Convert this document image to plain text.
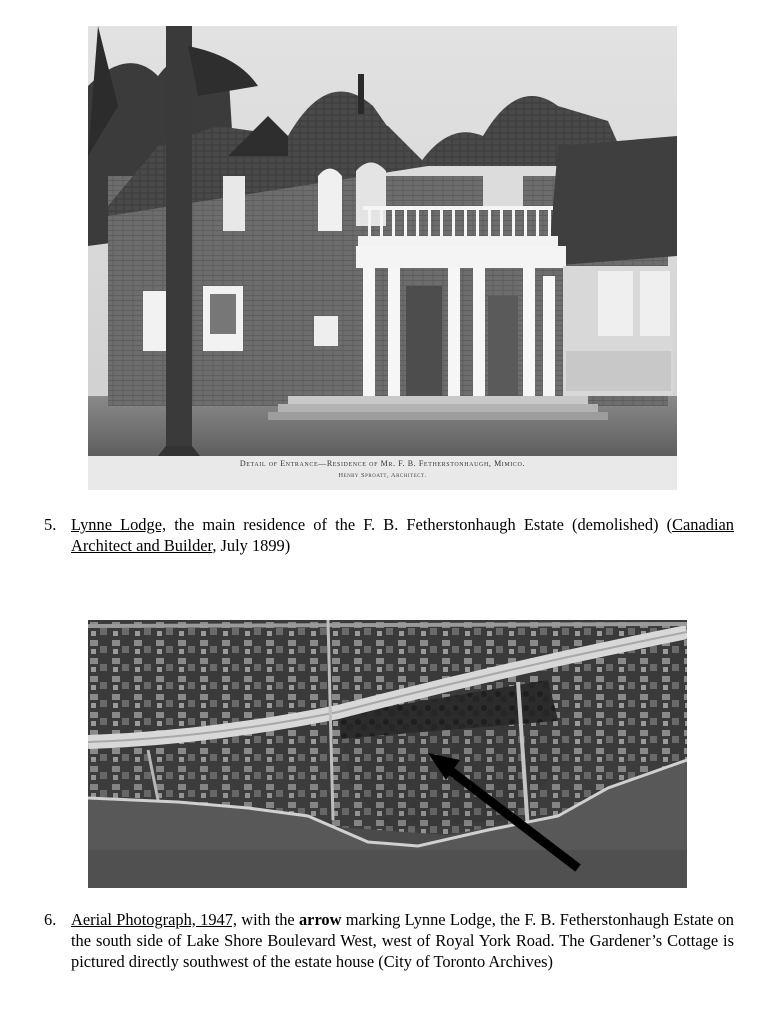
Detail of Entrance—Residence of Mr. F. B. Fetherstonhaugh, Mimico.
Henry Sproatt, Architect.
5. Lynne Lodge, the main residence of the F. B. Fetherstonhaugh Estate (demolished) (Canadian Architect and Builder, July 1899)
6. Aerial Photograph, 1947, with the arrow marking Lynne Lodge, the F. B. Fetherstonhaugh Estate on the south side of Lake Shore Boulevard West, west of Royal York Road. The Gardener’s Cottage is pictured directly southwest of the estate house (City of Toronto Archives)
